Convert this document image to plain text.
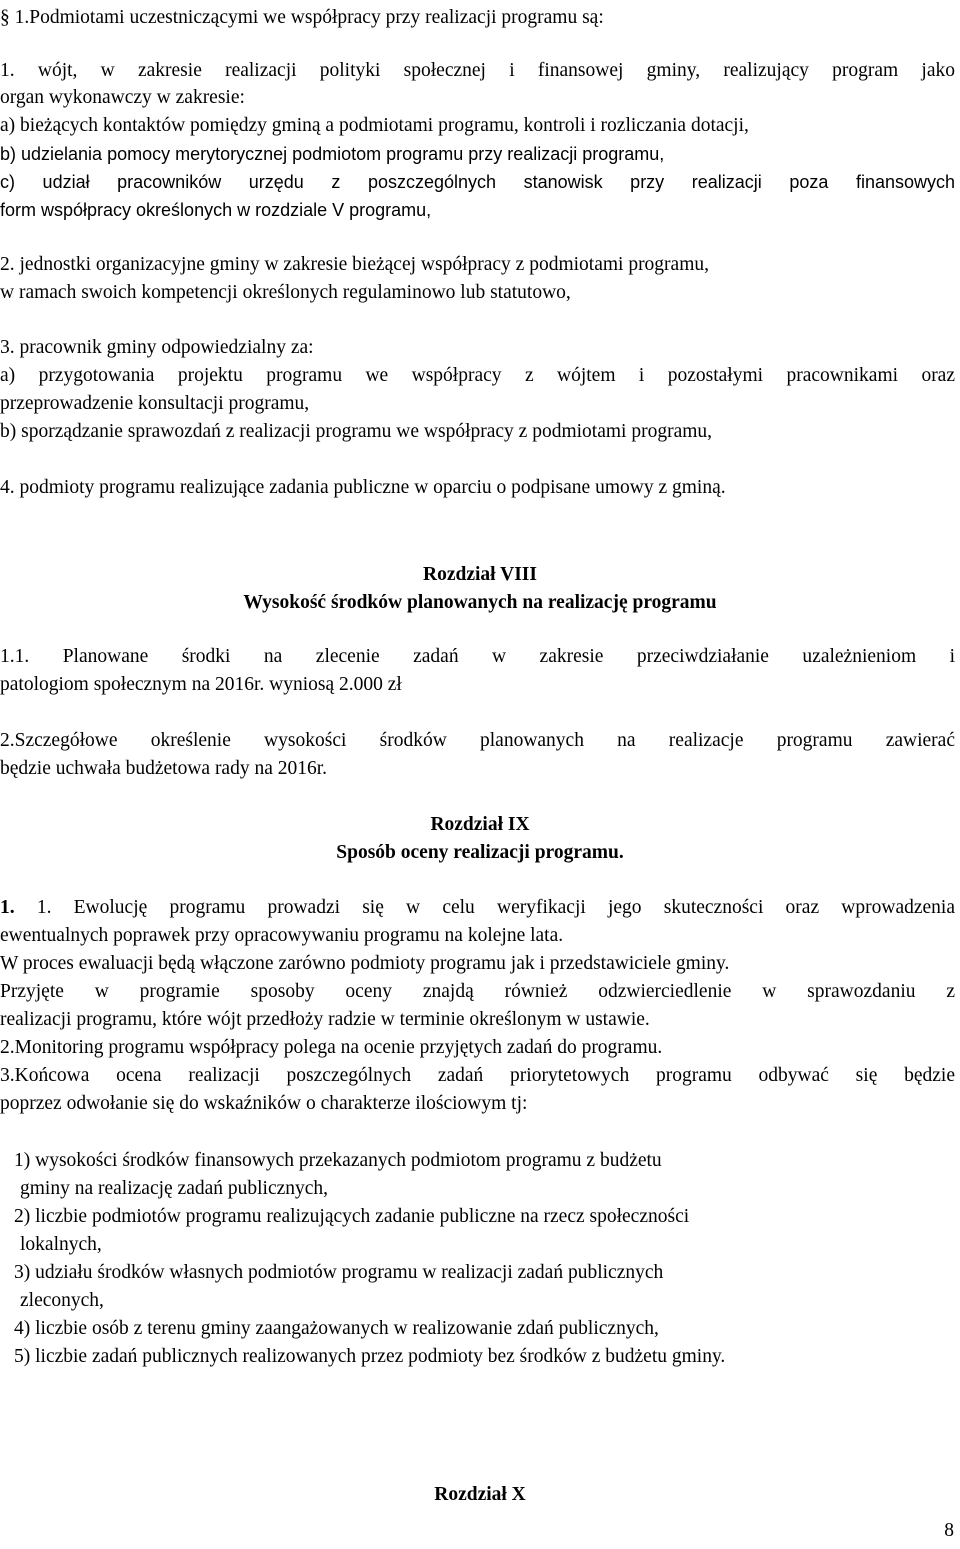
§ 1.Podmiotami uczestniczącymi we współpracy przy realizacji programu są:
1. wójt, w zakresie realizacji polityki społecznej i finansowej gminy, realizujący program jako
organ wykonawczy w zakresie:
a) bieżących kontaktów pomiędzy gminą a podmiotami programu, kontroli i rozliczania dotacji,
b) udzielania pomocy merytorycznej podmiotom programu przy realizacji programu,
c) udział pracowników urzędu z poszczególnych stanowisk przy realizacji poza finansowych
form współpracy określonych w rozdziale V programu,
2. jednostki organizacyjne gminy w zakresie bieżącej współpracy z podmiotami programu,
w ramach swoich kompetencji określonych regulaminowo lub statutowo,
3. pracownik gminy odpowiedzialny za:
a) przygotowania projektu programu we współpracy z wójtem i pozostałymi pracownikami oraz
przeprowadzenie konsultacji programu,
b) sporządzanie sprawozdań z realizacji programu we współpracy z podmiotami programu,
4. podmioty programu realizujące zadania publiczne w oparciu o podpisane umowy z gminą.
Rozdział VIII
Wysokość środków planowanych na realizację programu
1.1. Planowane środki na zlecenie zadań w zakresie przeciwdziałanie uzależnieniom i
patologiom społecznym na 2016r. wyniosą 2.000 zł
2.Szczegółowe określenie wysokości środków planowanych na realizacje programu zawierać
będzie uchwała budżetowa rady na 2016r.
Rozdział IX
Sposób oceny realizacji programu.
1. 1. Ewolucję programu prowadzi się w celu weryfikacji jego skuteczności oraz wprowadzenia
ewentualnych poprawek przy opracowywaniu programu na kolejne lata.
W proces ewaluacji będą włączone zarówno podmioty programu jak i przedstawiciele gminy.
Przyjęte w programie sposoby oceny znajdą również odzwierciedlenie w sprawozdaniu z
realizacji programu, które wójt przedłoży radzie w terminie określonym w ustawie.
2.Monitoring programu współpracy polega na ocenie przyjętych zadań do programu.
3.Końcowa ocena realizacji poszczególnych zadań priorytetowych programu odbywać się będzie
poprzez odwołanie się do wskaźników o charakterze ilościowym tj:
1) wysokości środków finansowych przekazanych podmiotom programu z budżetu
gminy na realizację zadań publicznych,
2) liczbie podmiotów programu realizujących zadanie publiczne na rzecz społeczności
lokalnych,
3) udziału środków własnych podmiotów programu w realizacji zadań publicznych
zleconych,
4) liczbie osób z terenu gminy zaangażowanych w realizowanie zdań publicznych,
5) liczbie zadań publicznych realizowanych przez podmioty bez środków z budżetu gminy.
Rozdział X
8
